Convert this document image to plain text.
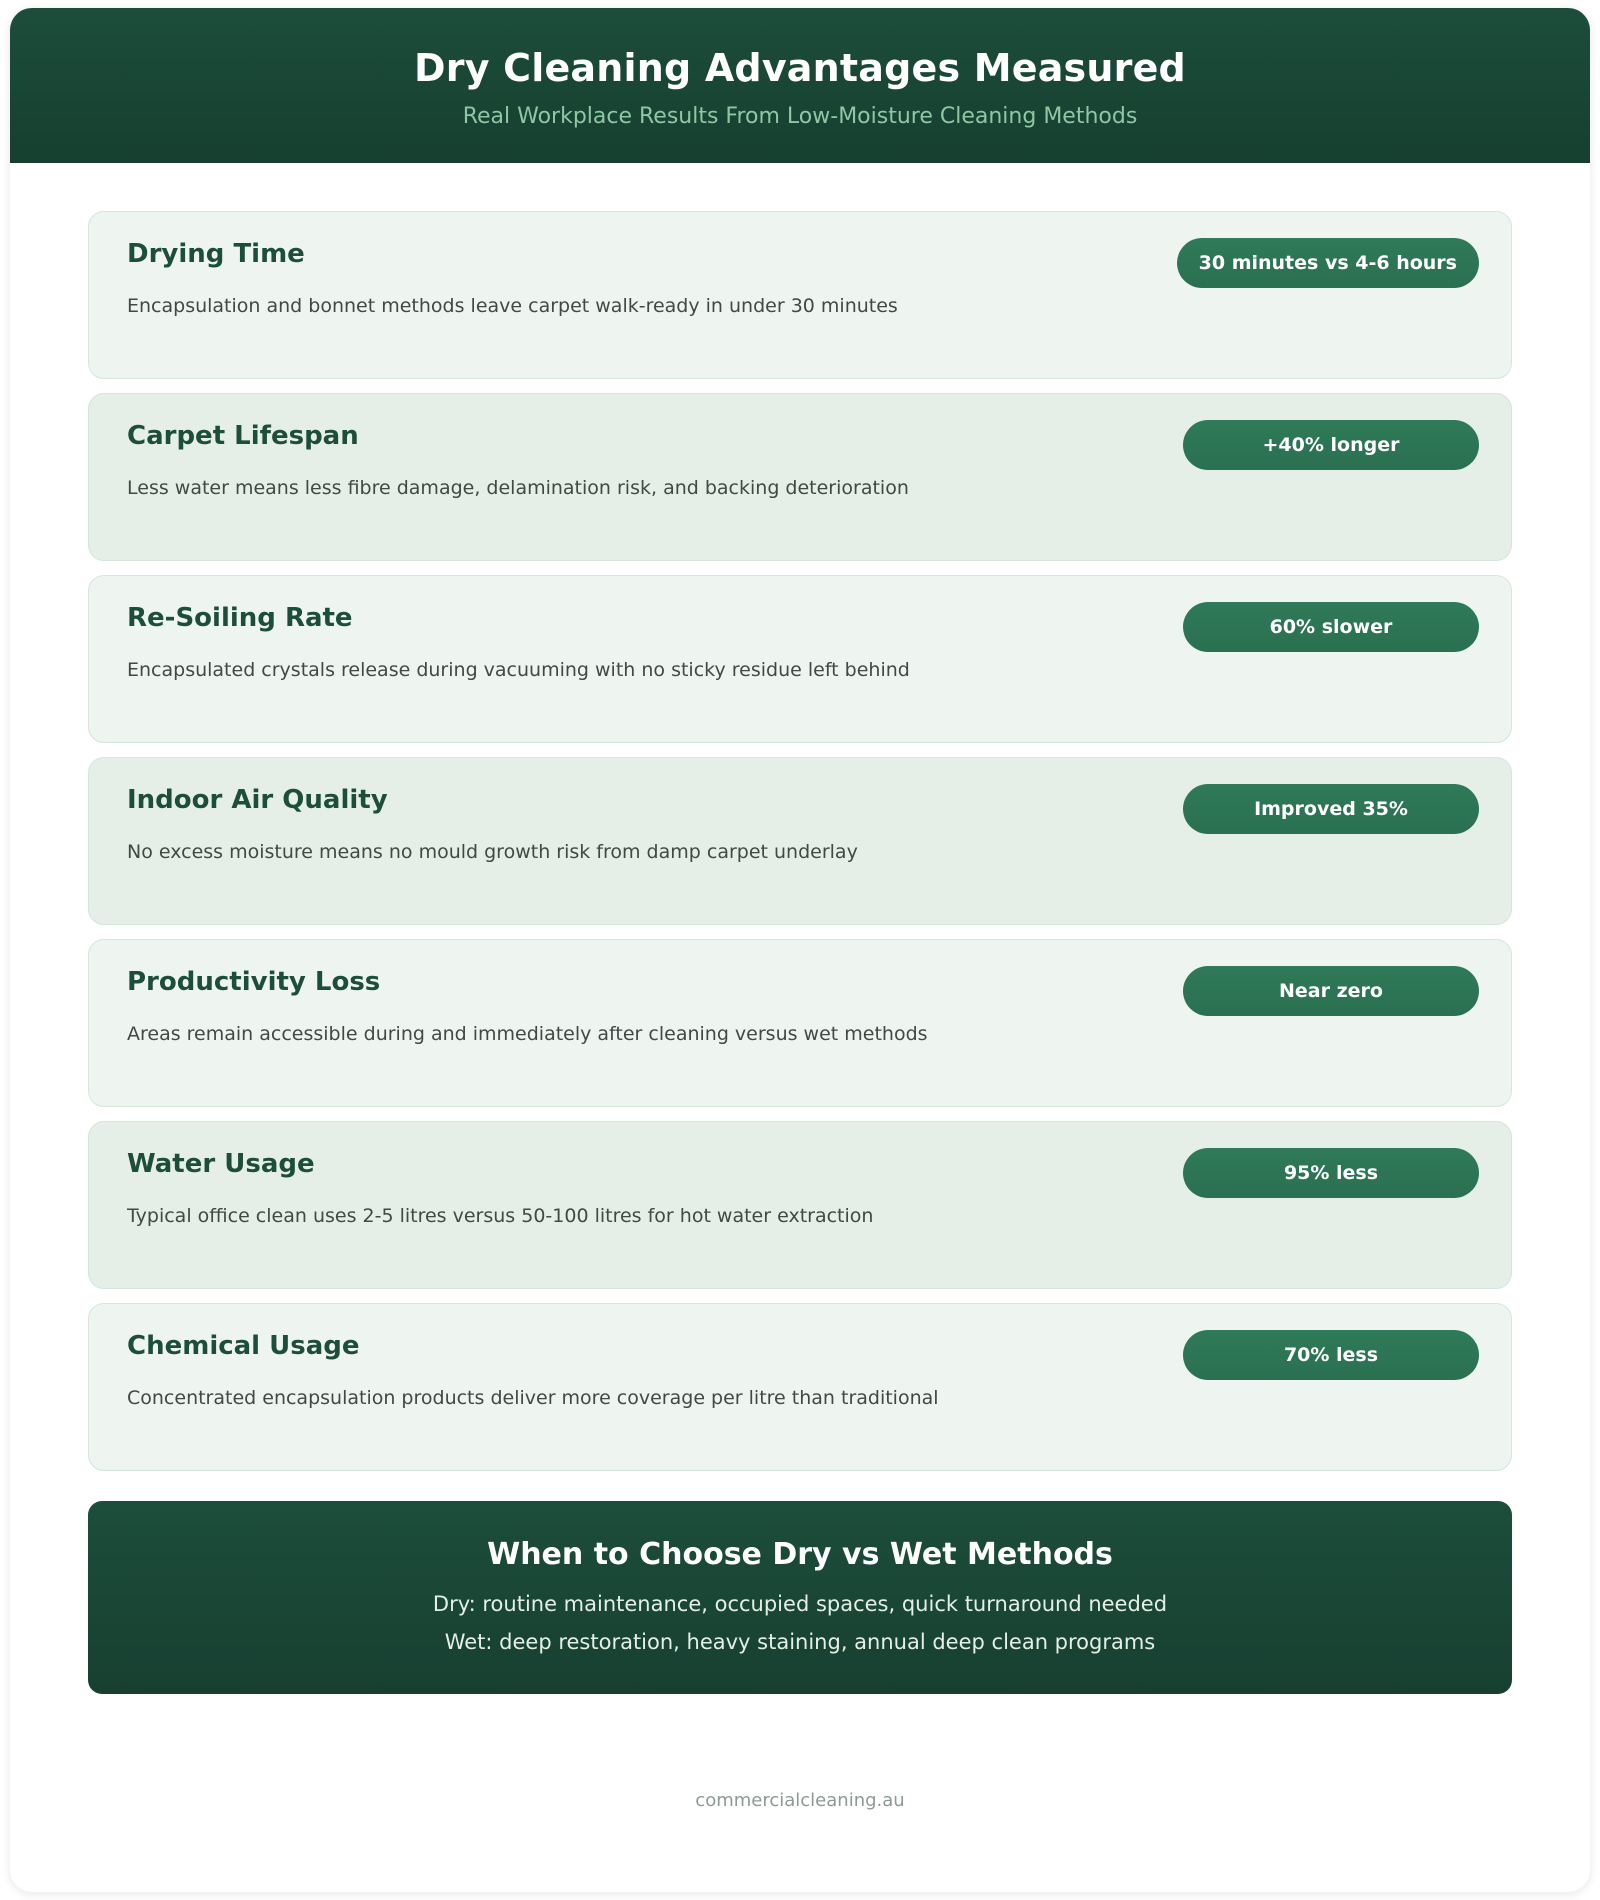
Dry Cleaning Advantages Measured
Real Workplace Results From Low-Moisture Cleaning Methods
Drying Time
Encapsulation and bonnet methods leave carpet walk-ready in under 30 minutes
30 minutes vs 4-6 hours
Carpet Lifespan
Less water means less fibre damage, delamination risk, and backing deterioration
+40% longer
Re-Soiling Rate
Encapsulated crystals release during vacuuming with no sticky residue left behind
60% slower
Indoor Air Quality
No excess moisture means no mould growth risk from damp carpet underlay
Improved 35%
Productivity Loss
Areas remain accessible during and immediately after cleaning versus wet methods
Near zero
Water Usage
Typical office clean uses 2-5 litres versus 50-100 litres for hot water extraction
95% less
Chemical Usage
Concentrated encapsulation products deliver more coverage per litre than traditional
70% less
When to Choose Dry vs Wet Methods
Dry: routine maintenance, occupied spaces, quick turnaround needed
Wet: deep restoration, heavy staining, annual deep clean programs
commercialcleaning.au
